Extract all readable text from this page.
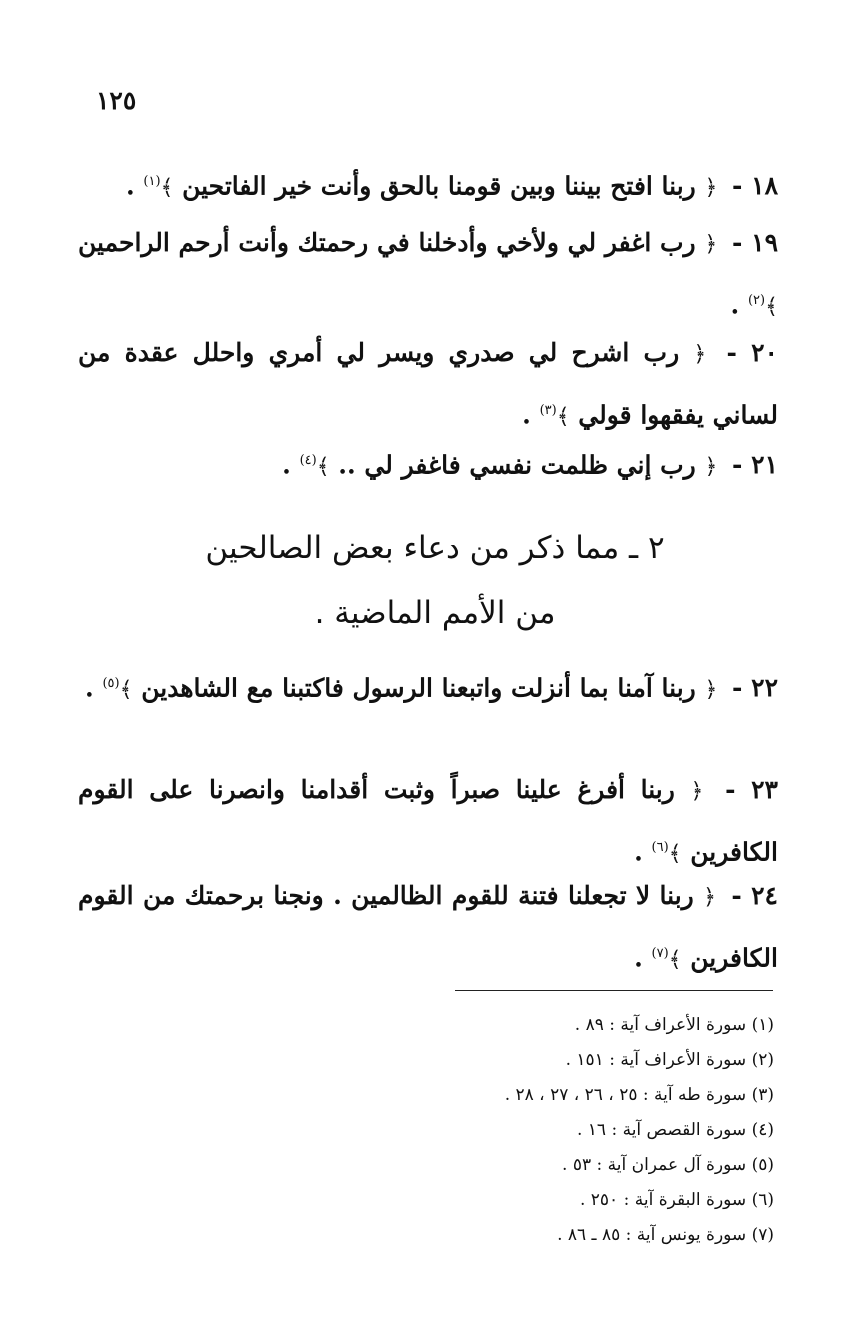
١٢٥
١٨ - ﴿ ربنا افتح بيننا وبين قومنا بالحق وأنت خير الفاتحين ﴾$^{(١)}$ .
١٩ - ﴿ رب اغفر لي ولأخي وأدخلنا في رحمتك وأنت أرحم الراحمين ﴾$^{(٢)}$ .
٢٠ - ﴿ رب اشرح لي صدري ويسر لي أمري واحلل عقدة من لساني يفقهوا قولي ﴾$^{(٣)}$ .
٢١ - ﴿ رب إني ظلمت نفسي فاغفر لي .. ﴾$^{(٤)}$ .
٢ ـ مما ذكر من دعاء بعض الصالحين
من الأمم الماضية .
٢٢ - ﴿ ربنا آمنا بما أنزلت واتبعنا الرسول فاكتبنا مع الشاهدين ﴾$^{(٥)}$ .
٢٣ - ﴿ ربنا أفرغ علينا صبراً وثبت أقدامنا وانصرنا على القوم الكافرين ﴾$^{(٦)}$ .
٢٤ - ﴿ ربنا لا تجعلنا فتنة للقوم الظالمين . ونجنا برحمتك من القوم الكافرين ﴾$^{(٧)}$ .
(١) سورة الأعراف آية : ٨٩ .
(٢) سورة الأعراف آية : ١٥١ .
(٣) سورة طه آية : ٢٥ ، ٢٦ ، ٢٧ ، ٢٨ .
(٤) سورة القصص آية : ١٦ .
(٥) سورة آل عمران آية : ٥٣ .
(٦) سورة البقرة آية : ٢٥٠ .
(٧) سورة يونس آية : ٨٥ ـ ٨٦ .
